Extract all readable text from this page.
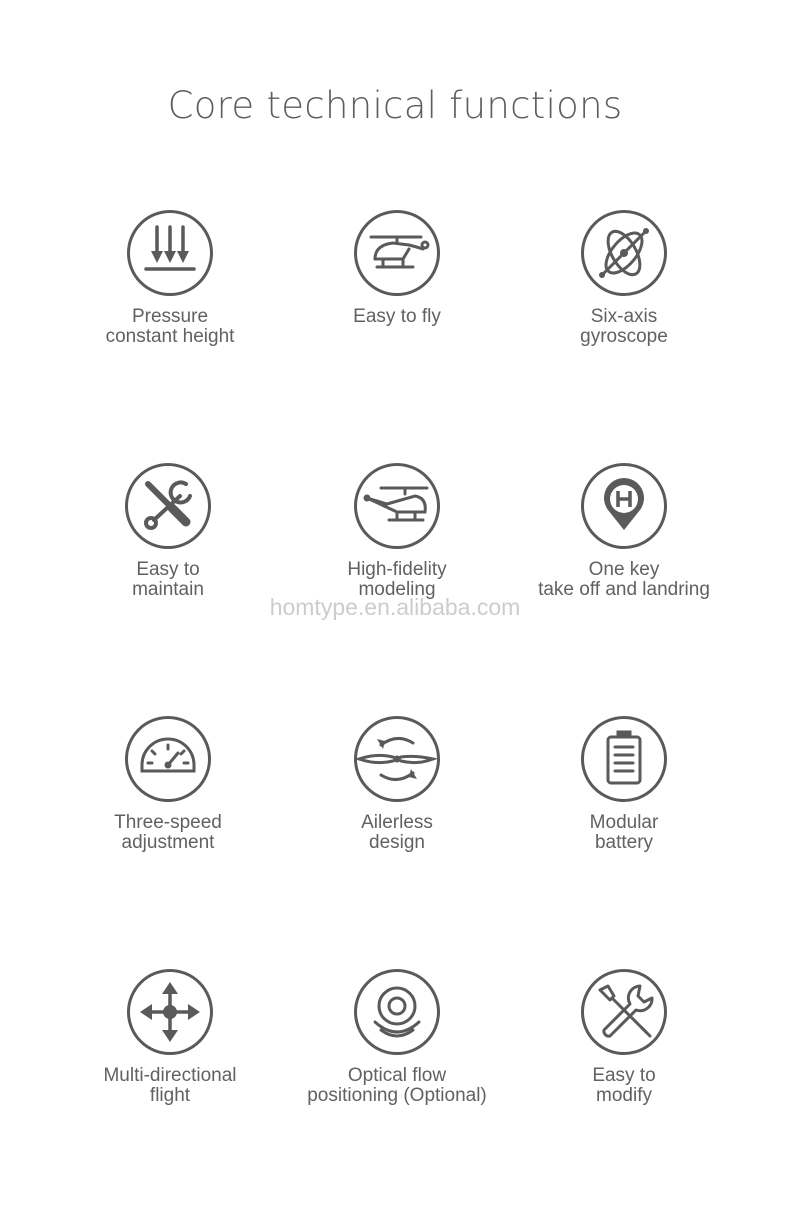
Core technical functions
Pressure
constant height
Easy to fly	Six-axis
gyroscope
Easy to
maintain
High-fidelity
modeling
One key
take off and landring
Three-speed
adjustment
Ailerless
design
Modular
battery
Multi-directional
flight
Optical flow
positioning (Optional)
Easy to
modify
homtype.en.alibaba.com
